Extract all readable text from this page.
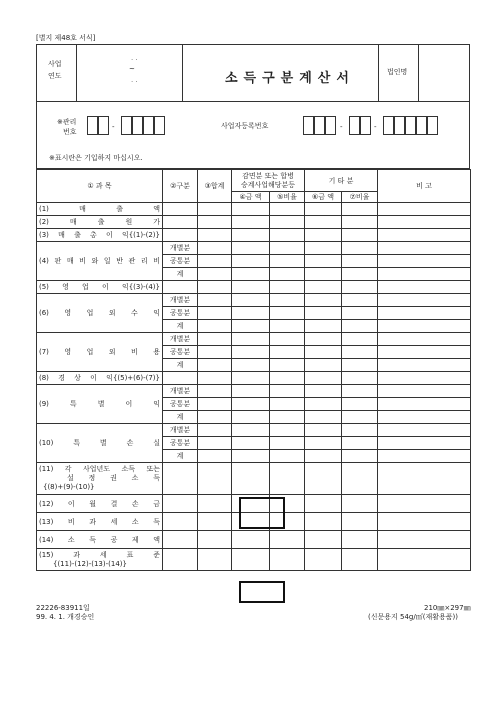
[별지 제48호 서식]
사업
연도
. .
~
. .	소득구분계산서	법인명
※관리
번호
-	사업자등록번호	-	-
※표시란은 기입하지 마십시오.
① 과 목	②구분	③합계	감면분 또는 합병
승계사업해당분등		기 타 분		비 고
			④금 액	⑤비율	⑥금 액	⑦비율	
(1) 매 출 액							
(2) 매 출 원 가							
(3) 매 출 총 이 익{(1)-(2)}							
(4) 판 매 비 와 일 반 관 리 비	개별분						
	공통분						
	계						
(5) 영 업 이 익{(3)-(4)}							
(6) 영 업 외 수 익	개별분						
	공통분						
	계						
(7) 영 업 외 비 용	개별분						
	공통분						
	계						
(8) 경 상 이 익{(5)+(6)-(7)}							
(9) 특 별 이 익	개별분						
	공통분						
	계						
(10) 특 별 손 실	개별분						
	공통분						
	계						

(11) 각 사업년도 소득 또는
설 정 권 소 득
{(8)+(9)-(10)}							

(12) 이 월 결 손 금							
(13) 비 과 세 소 득							
(14) 소 득 공 제 액							

(15) 과 세 표 준
{(11)-(12)-(13)-(14)}							

22226-83911일
99. 4. 1. 개경승인
210㎜×297㎜
(신문용지 54g/㎡(재활용품))
